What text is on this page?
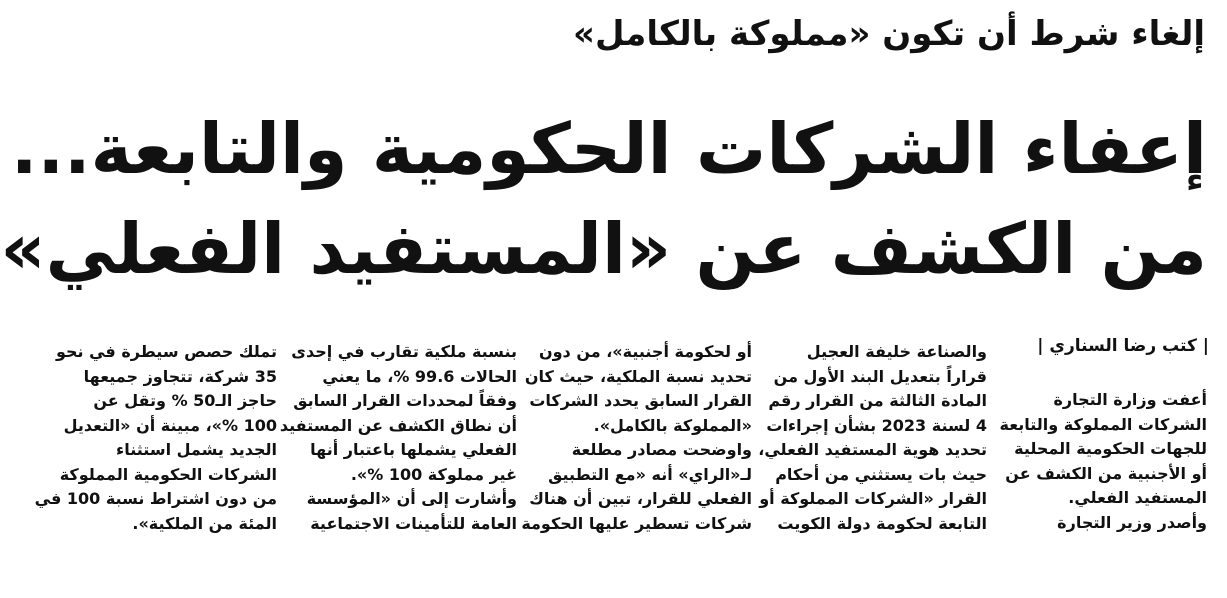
إلغاء شرط أن تكون «مملوكة بالكامل»
إعفاء الشركات الحكومية والتابعة...
من الكشف عن «المستفيد الفعلي»
| كتب رضا السناري |
أعفت وزارة التجارة
الشركات المملوكة والتابعة
للجهات الحكومية المحلية
أو الأجنبية من الكشف عن
المستفيد الفعلي.
وأصدر وزير التجارة
والصناعة خليفة العجيل
قراراً بتعديل البند الأول من
المادة الثالثة من القرار رقم
4 لسنة 2023 بشأن إجراءات
تحديد هوية المستفيد الفعلي،
حيث بات يستثني من أحكام
القرار «الشركات المملوكة أو
التابعة لحكومة دولة الكويت
أو لحكومة أجنبية»، من دون
تحديد نسبة الملكية، حيث كان
القرار السابق يحدد الشركات
«المملوكة بالكامل».
واوضحت مصادر مطلعة
لـ«الراي» أنه «مع التطبيق
الفعلي للقرار، تبين أن هناك
شركات تسطير عليها الحكومة
بنسبة ملكية تقارب في إحدى
الحالات 99.6 %، ما يعني
وفقاً لمحددات القرار السابق
أن نطاق الكشف عن المستفيد
الفعلي يشملها باعتبار أنها
غير مملوكة 100 %».
وأشارت إلى أن «المؤسسة
العامة للتأمينات الاجتماعية
تملك حصص سيطرة في نحو
35 شركة، تتجاوز جميعها
حاجز الـ50 % وتقل عن
100 %»، مبينة أن «التعديل
الجديد يشمل استثناء
الشركات الحكومية المملوكة
من دون اشتراط نسبة 100 في
المئة من الملكية».
